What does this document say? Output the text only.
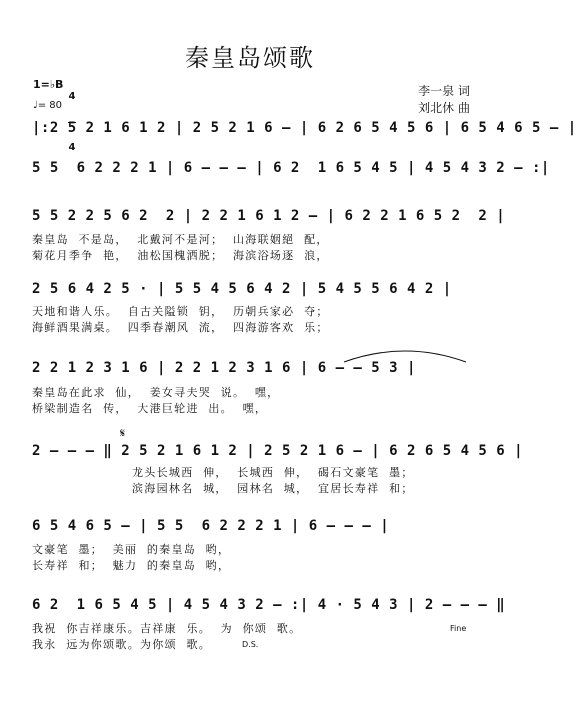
秦皇岛颂歌
李一泉 词
刘北休 曲
1=♭B

4

4

♩= 80
|:2 5 2 1 6 1 2 | 2 5 2 1 6 – | 6 2 6 5 4 5 6 | 6 5 4 6 5 – |
5 5  6 2 2 2 1 | 6 – – – | 6 2  1 6 5 4 5 | 4 5 4 3 2 – :|
5 5 2 2 5 6 2  2 | 2 2 1 6 1 2 – | 6 2 2 1 6 5 2  2 |
秦皇岛  不是岛，  北戴河不是河；  山海联姻絕  配，
菊花月季争  艳，  油松国槐洒脱；  海滨浴场逐  浪，
2 5 6 4 2 5 · | 5 5 4 5 6 4 2 | 5 4 5 5 6 4 2 |
天地和谐人乐。  自古关隘锁  钥，  历朝兵家必  夺；
海鲜酒果满桌。  四季春潮风  流，  四海游客欢  乐；
2 2 1 2 3 1 6 | 2 2 1 2 3 1 6 | 6 – – 5 3 |
秦皇岛在此求  仙，  姜女寻夫哭  说。  嘿，
桥梁制造名  传，  大港巨轮进  出。  嘿，
2 – – – ‖ 2 5 2 1 6 1 2 | 2 5 2 1 6 – | 6 2 6 5 4 5 6 |
龙头长城西  伸，  长城西  伸，  碣石文豪笔  墨；
滨海园林名  城，  园林名  城，  宜居长寿祥  和；
𝄋
6 5 4 6 5 – | 5 5  6 2 2 2 1 | 6 – – – |
文豪笔  墨；  美丽  的秦皇岛  哟，
长寿祥  和；  魅力  的秦皇岛  哟，
6 2  1 6 5 4 5 | 4 5 4 3 2 – :| 4 · 5 4 3 | 2 – – – ‖
我祝  你吉祥康乐。吉祥康  乐。  为  你颂  歌。
我永  远为你颂歌。为你颂  歌。
Fine
D.S.
